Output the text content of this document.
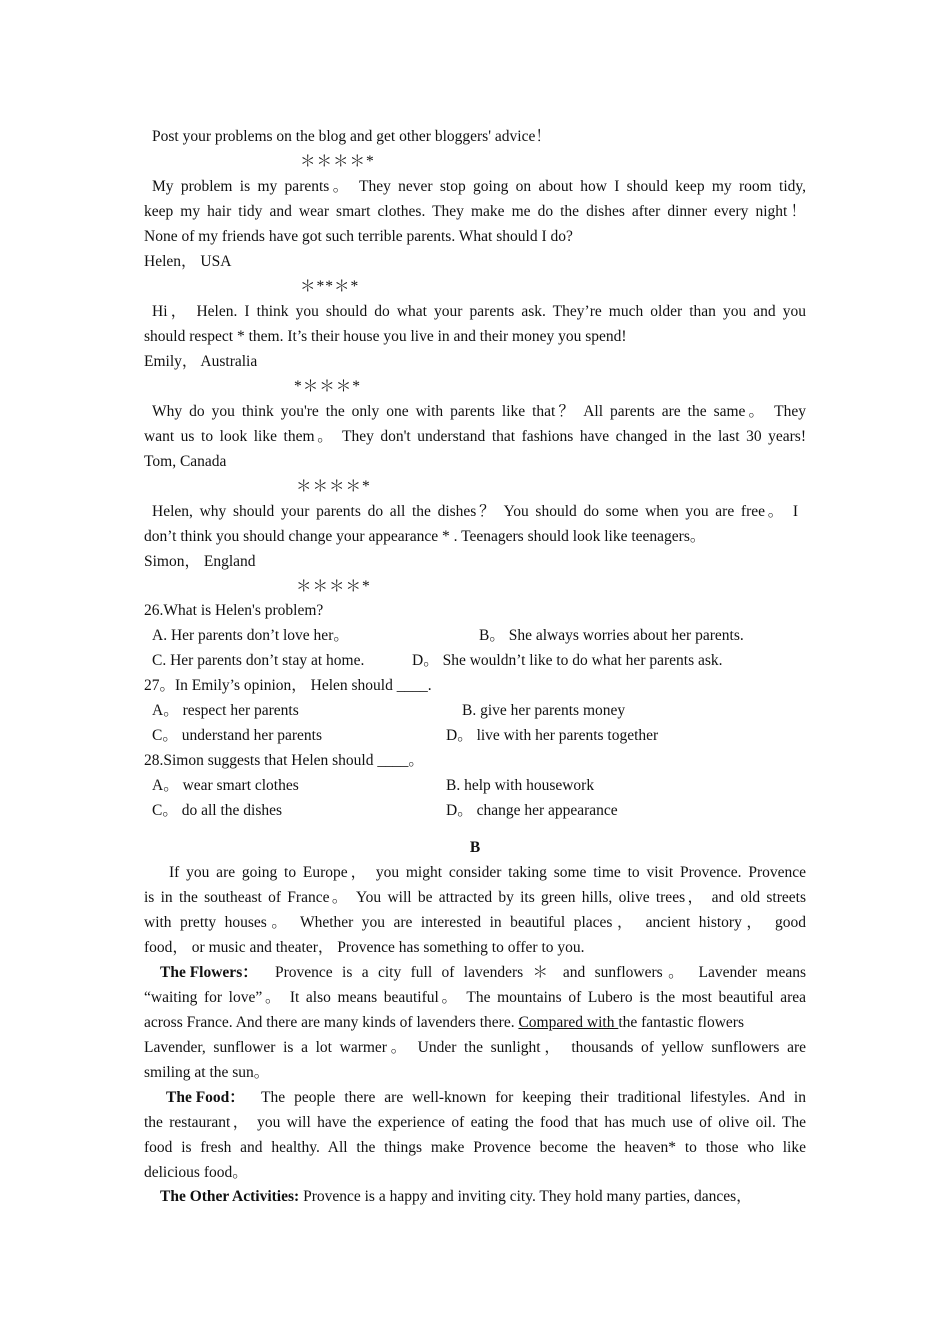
Post your problems on the blog and get other bloggers' advice！
＊＊＊＊*
My problem is my parents。 They never stop going on about how I should keep my room tidy,
keep my hair tidy and wear smart clothes. They make me do the dishes after dinner every night！
None of my friends have got such terrible parents. What should I do?
Helen， USA
＊**＊*
Hi， Helen. I think you should do what your parents ask. They’re much older than you and you
should respect * them. It’s their house you live in and their money you spend!
Emily， Australia
*＊＊＊*
Why do you think you're the only one with parents like that？ All parents are the same。 They
want us to look like them。 They don't understand that fashions have changed in the last 30 years!
Tom, Canada
＊＊＊＊*
Helen, why should your parents do all the dishes？ You should do some when you are free。 I
don’t think you should change your appearance * . Teenagers should look like teenagers。
Simon， England
＊＊＊＊*
26.What is Helen's problem?
A. Her parents don’t love her。	B。 She always worries about her parents.
C. Her parents don’t stay at home.	D。 She wouldn’t like to do what her parents ask.
27。In Emily’s opinion， Helen should ____.
A。 respect her parents	B. give her parents money
C。 understand her parents	D。 live with her parents together
28.Simon suggests that Helen should ____。
A。 wear smart clothes	B. help with housework
C。 do all the dishes	D。 change her appearance
B
If you are going to Europe， you might consider taking some time to visit Provence. Provence
is in the southeast of France。 You will be attracted by its green hills, olive trees， and old streets
with pretty houses。 Whether you are interested in beautiful places， ancient history， good
food， or music and theater， Provence has something to offer to you.
The Flowers： Provence is a city full of lavenders ＊ and sunflowers。 Lavender means
“waiting for love”。 It also means beautiful。 The mountains of Lubero is the most beautiful area
across France. And there are many kinds of lavenders there. Compared with the fantastic flowers
Lavender, sunflower is a lot warmer。 Under the sunlight， thousands of yellow sunflowers are
smiling at the sun。
The Food： The people there are well-known for keeping their traditional lifestyles. And in
the restaurant， you will have the experience of eating the food that has much use of olive oil. The
food is fresh and healthy. All the things make Provence become the heaven* to those who like
delicious food。
The Other Activities: Provence is a happy and inviting city. They hold many parties, dances，
